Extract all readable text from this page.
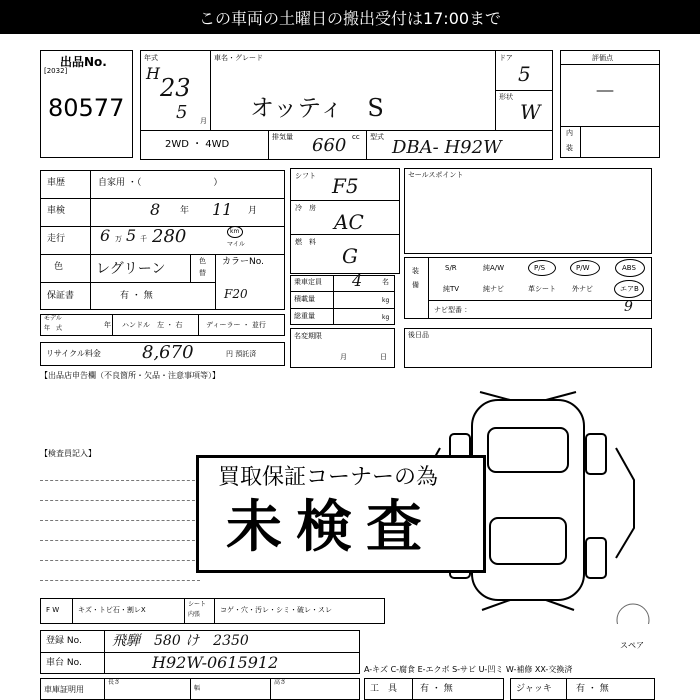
この車両の土曜日の搬出受付は17:00まで
出品No.
[2032]
80577
年式
H
23
5 月
車名・グレード
オッティ　S
ドア
5
形状
W
2WD ・ 4WD
排気量 660 cc 型式 DBA- H92W
評価点
－
内
装
車歴	自家用 ・（　　　　　　　　）
車検	8 年 11 月
走行 6 万 5 千 280	km
マイル
色 レグリーン	色
替
カラーNo.
F20
保証書	有 ・ 無
モデル
年　式	年 ハンドル　左 ・ 右	ディーラー ・ 並行
リサイクル料金 8,670	円 預託済
【出品店申告欄（不良箇所・欠品・注意事項等）】
シフト F5
冷　房
AC
燃　料
G
乗車定員 4	名
積載量	kg
総重量	kg
名変期限
月	日
セールスポイント
装
備
S/R	純A/W	P/S	P/W	ABS
純TV	純ナビ	革シート 外ナビ	エアB
ナビ型番 ：	9
後日品
【検査員記入】
スペア
買取保証コーナーの為
未検査
F W	キズ・トビ石・割レX
シート
内張
コゲ・穴・汚レ・シミ・破レ・スレ
登録 No. 飛騨　580 け　2350
車台 No.	H92W-0615912
車庫証明用
長さ
幅
高さ
A-キズ C-腐食 E-エクボ S-サビ U-凹ミ W-補修 XX-交換済
工　具	有 ・ 無	ジャッキ	有 ・ 無
